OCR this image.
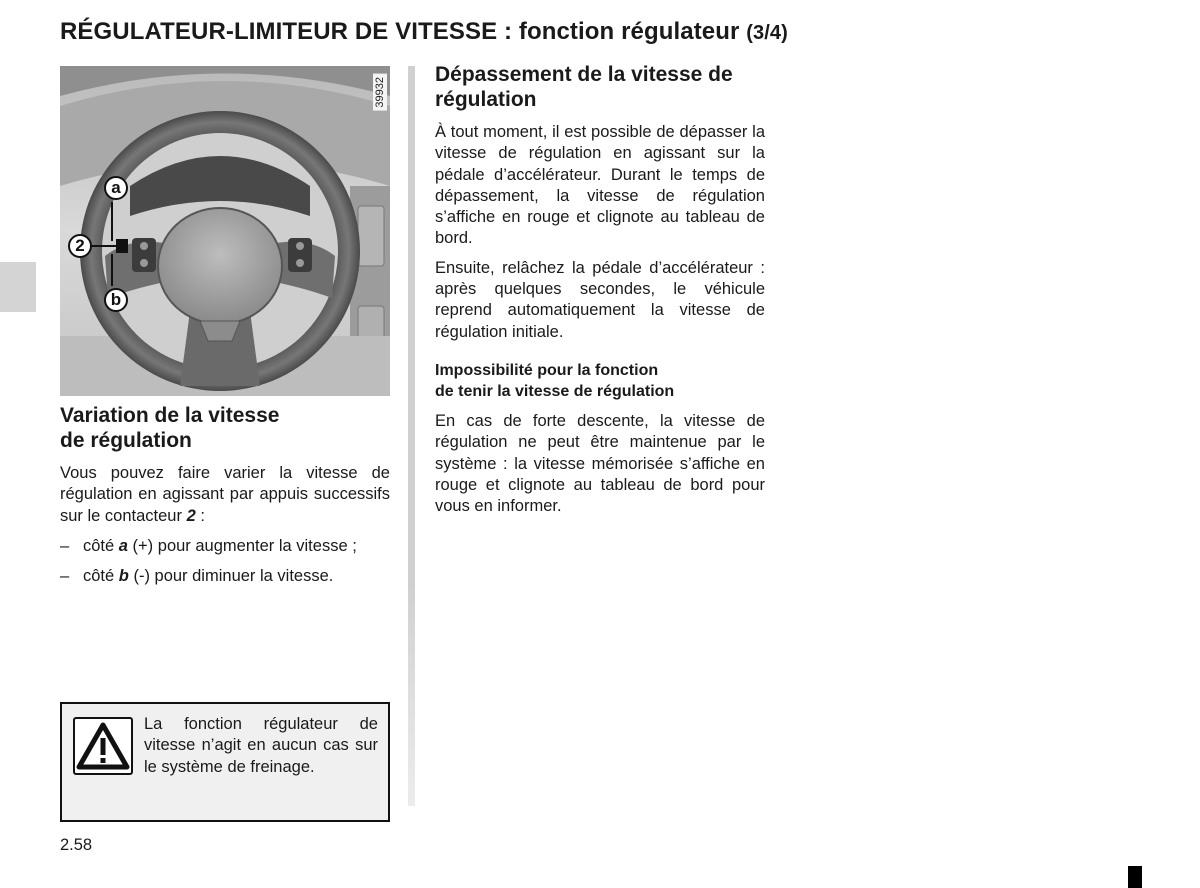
RÉGULATEUR-LIMITEUR DE VITESSE : fonction régulateur (3/4)
39932
a
2
b
Variation de la vitesse
de régulation

Vous pouvez faire varier la vitesse de régulation en agissant par appuis successifs sur le contacteur 2 :

– côté a (+) pour augmenter la vitesse ;
– côté b (-) pour diminuer la vitesse.
La fonction régulateur de vitesse n’agit en aucun cas sur le système de freinage.
Dépassement de la vitesse de régulation

À tout moment, il est possible de dépasser la vitesse de régulation en agissant sur la pédale d’accélérateur. Durant le temps de dépassement, la vitesse de régulation s’affiche en rouge et clignote au tableau de bord.

Ensuite, relâchez la pédale d’accélérateur : après quelques secondes, le véhicule reprend automatiquement la vitesse de régulation initiale.

Impossibilité pour la fonction
de tenir la vitesse de régulation

En cas de forte descente, la vitesse de régulation ne peut être maintenue par le système : la vitesse mémorisée s’affiche en rouge et clignote au tableau de bord pour vous en informer.

2.58
